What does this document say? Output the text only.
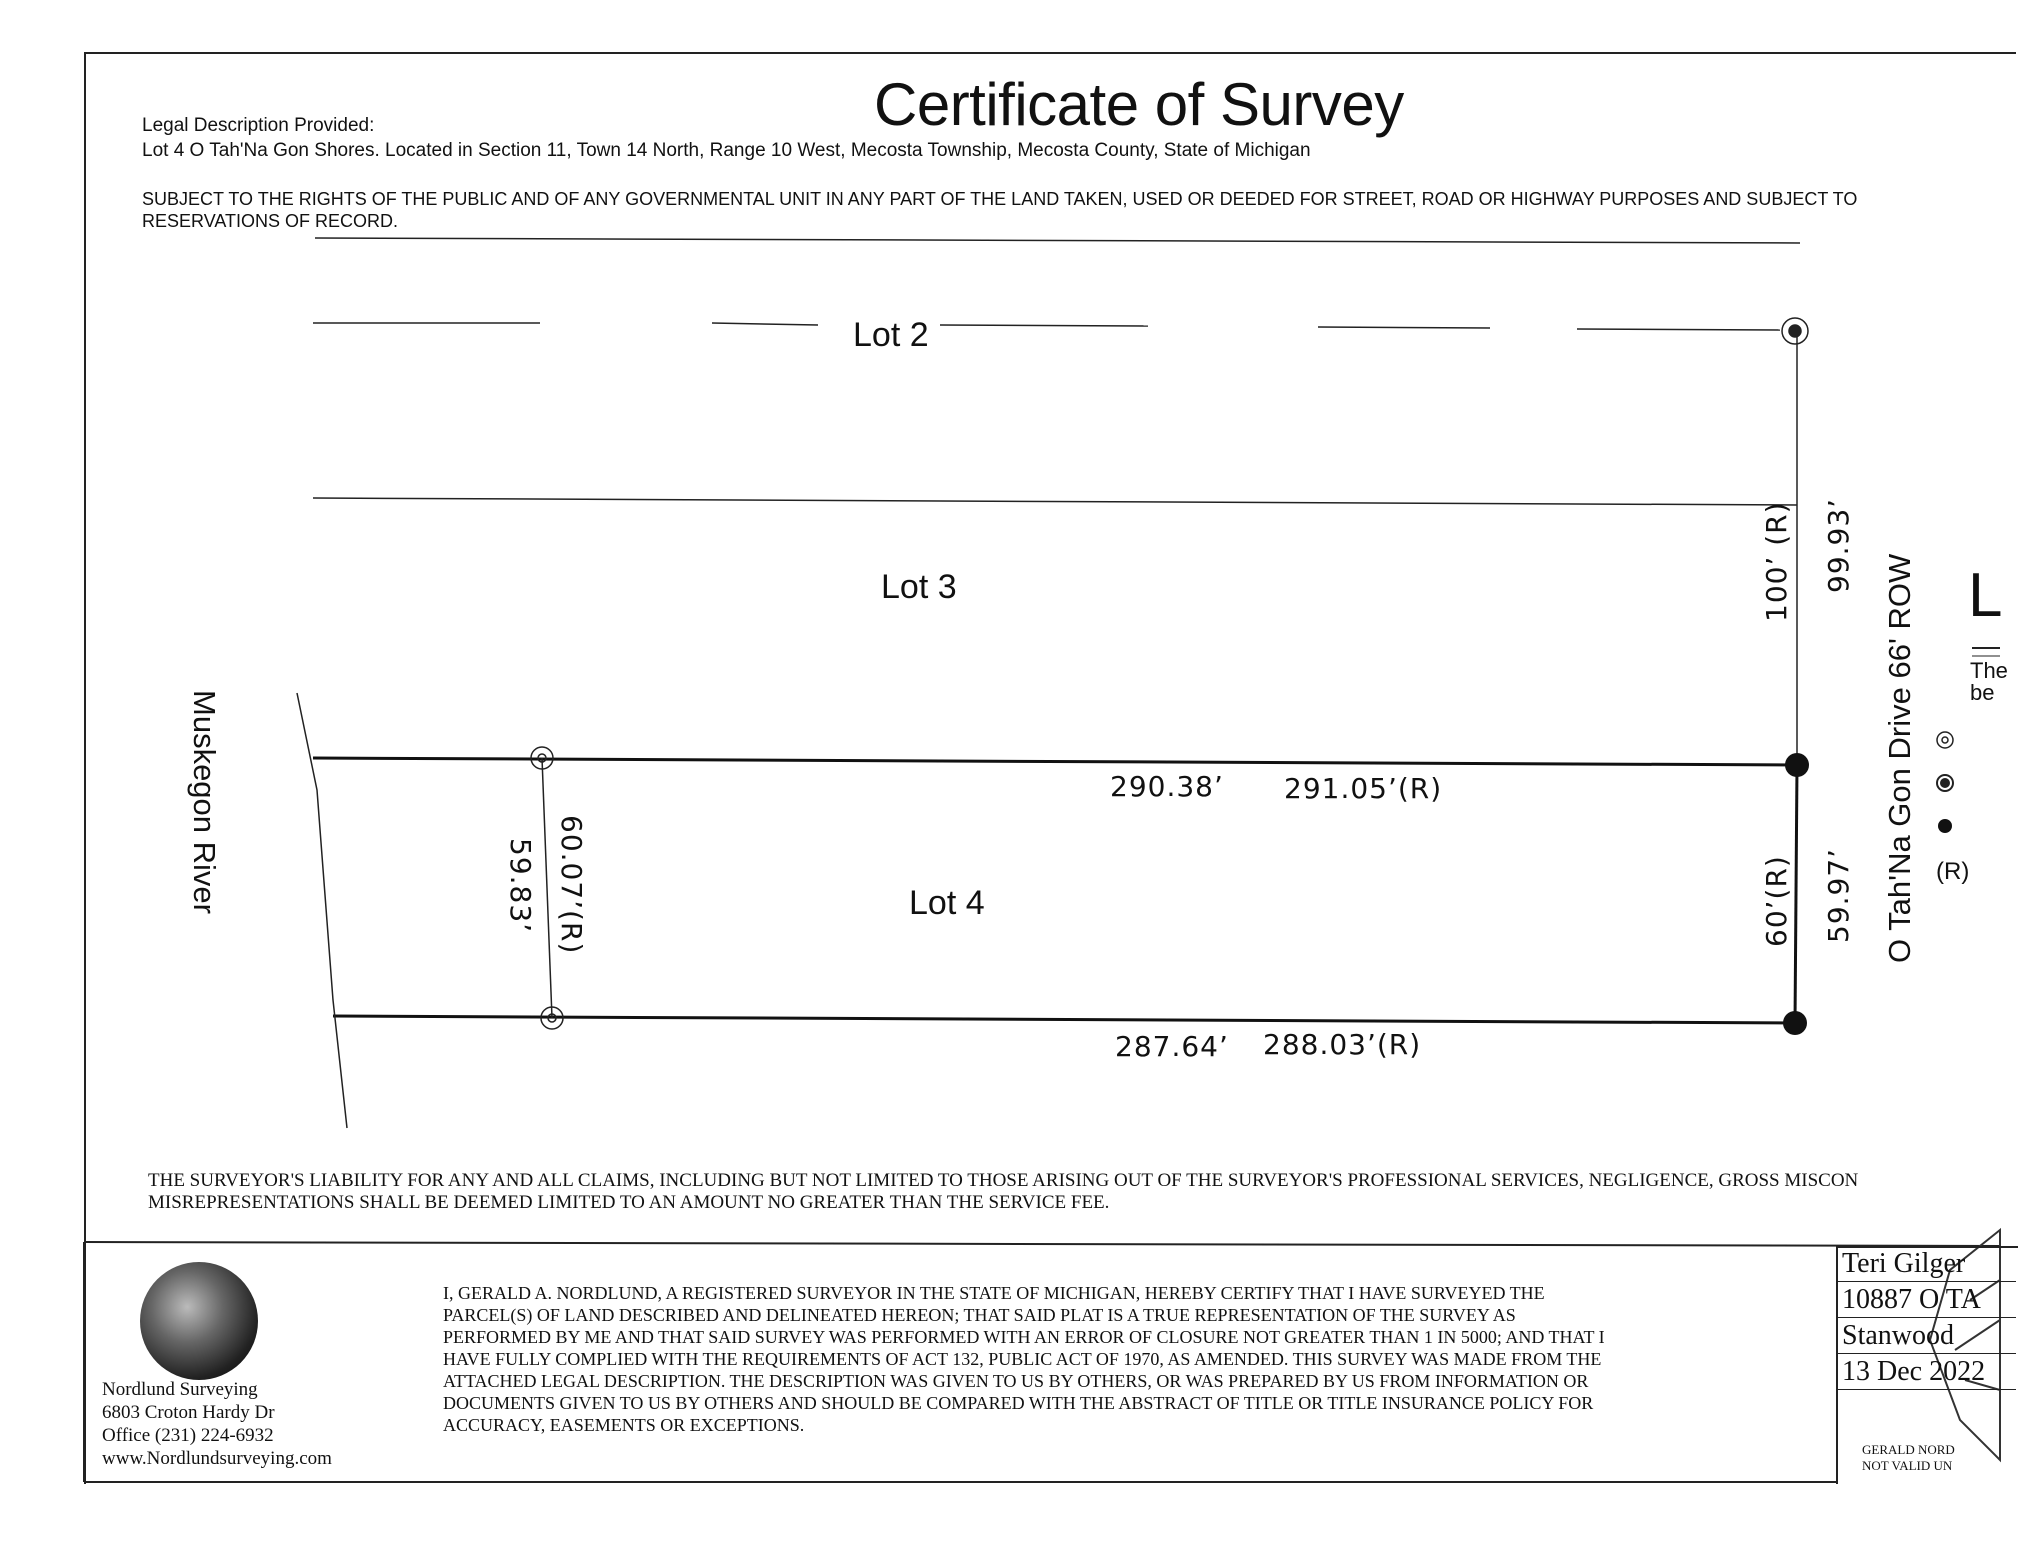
Legal Description Provided:	Certificate of Survey
Lot 4 O Tah'Na Gon Shores. Located in Section 11, Town 14 North, Range 10 West, Mecosta Township, Mecosta County, State of Michigan
SUBJECT TO THE RIGHTS OF THE PUBLIC AND OF ANY GOVERNMENTAL UNIT IN ANY PART OF THE LAND TAKEN, USED OR DEEDED FOR STREET, ROAD OR HIGHWAY PURPOSES AND SUBJECT TO
RESERVATIONS OF RECORD.
Lot 2
Lot 3
Lot 4
Muskegon River	O Tah'Na Gon Drive 66' ROW
290.38’ 291.05’(R)
287.64’ 288.03’(R)
60.07’(R)
59.83’
100’ (R) 99.93’
60’(R) 59.97’
L
The
be
(R)
THE SURVEYOR'S LIABILITY FOR ANY AND ALL CLAIMS, INCLUDING BUT NOT LIMITED TO THOSE ARISING OUT OF THE SURVEYOR'S PROFESSIONAL SERVICES, NEGLIGENCE, GROSS MISCON
MISREPRESENTATIONS SHALL BE DEEMED LIMITED TO AN AMOUNT NO GREATER THAN THE SERVICE FEE.
Nordlund Surveying
6803 Croton Hardy Dr
Office (231) 224-6932
www.Nordlundsurveying.com
I, GERALD A. NORDLUND, A REGISTERED SURVEYOR IN THE STATE OF MICHIGAN, HEREBY CERTIFY THAT I HAVE SURVEYED THE
PARCEL(S) OF LAND DESCRIBED AND DELINEATED HEREON; THAT SAID PLAT IS A TRUE REPRESENTATION OF THE SURVEY AS
PERFORMED BY ME AND THAT SAID SURVEY WAS PERFORMED WITH AN ERROR OF CLOSURE NOT GREATER THAN 1 IN 5000; AND THAT I
HAVE FULLY COMPLIED WITH THE REQUIREMENTS OF ACT 132, PUBLIC ACT OF 1970, AS AMENDED. THIS SURVEY WAS MADE FROM THE
ATTACHED LEGAL DESCRIPTION. THE DESCRIPTION WAS GIVEN TO US BY OTHERS, OR WAS PREPARED BY US FROM INFORMATION OR
DOCUMENTS GIVEN TO US BY OTHERS AND SHOULD BE COMPARED WITH THE ABSTRACT OF TITLE OR TITLE INSURANCE POLICY FOR
ACCURACY, EASEMENTS OR EXCEPTIONS.
Teri Gilger
10887 O TA
Stanwood
13 Dec 2022
GERALD NORD
NOT VALID UN
